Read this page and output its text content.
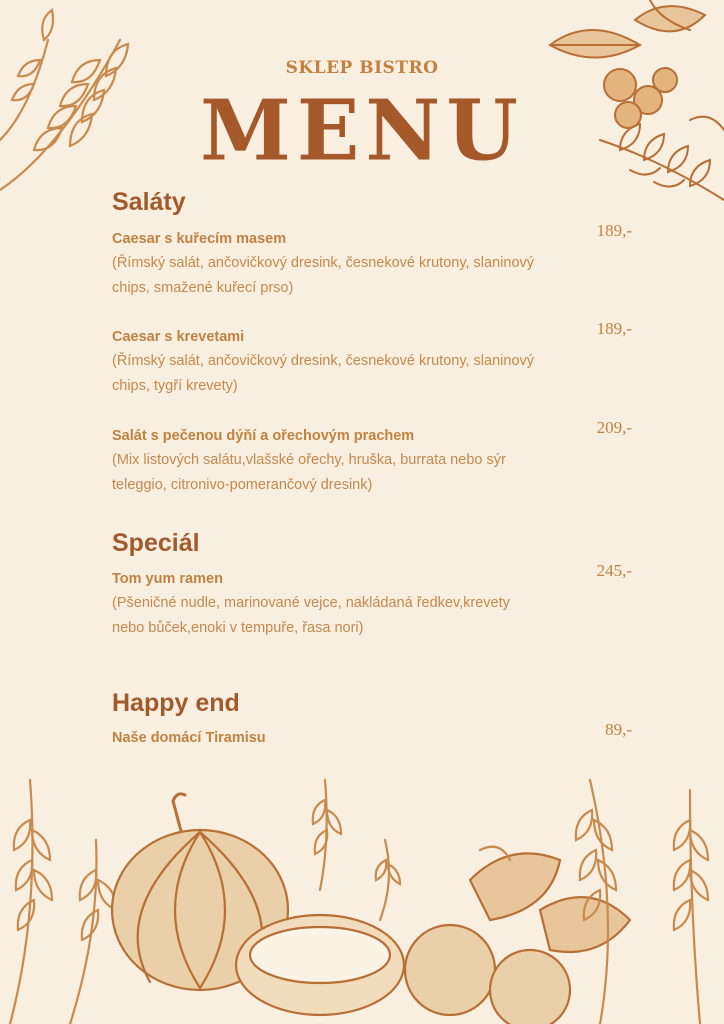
SKLEP BISTRO
MENU
Saláty
Caesar s kuřecím masem
(Římský salát, ančovičkový dresink, česnekové krutony, slaninový chips, smažené kuřecí prso)
189,-
Caesar s krevetami
(Římský salát, ančovičkový dresink, česnekové krutony, slaninový chips, tygří krevety)
189,-
Salát s pečenou dýňí a ořechovým prachem
(Mix listových salátu,vlašské ořechy, hruška, burrata nebo sýr teleggio, citronivo-pomerančový dresink)
209,-
Speciál
Tom yum ramen
(Pšeničné nudle, marinované vejce, nakládaná ředkev,krevety nebo bůček,enoki v tempuře, řasa nori)
245,-
Happy end
Naše domácí Tiramisu	89,-
